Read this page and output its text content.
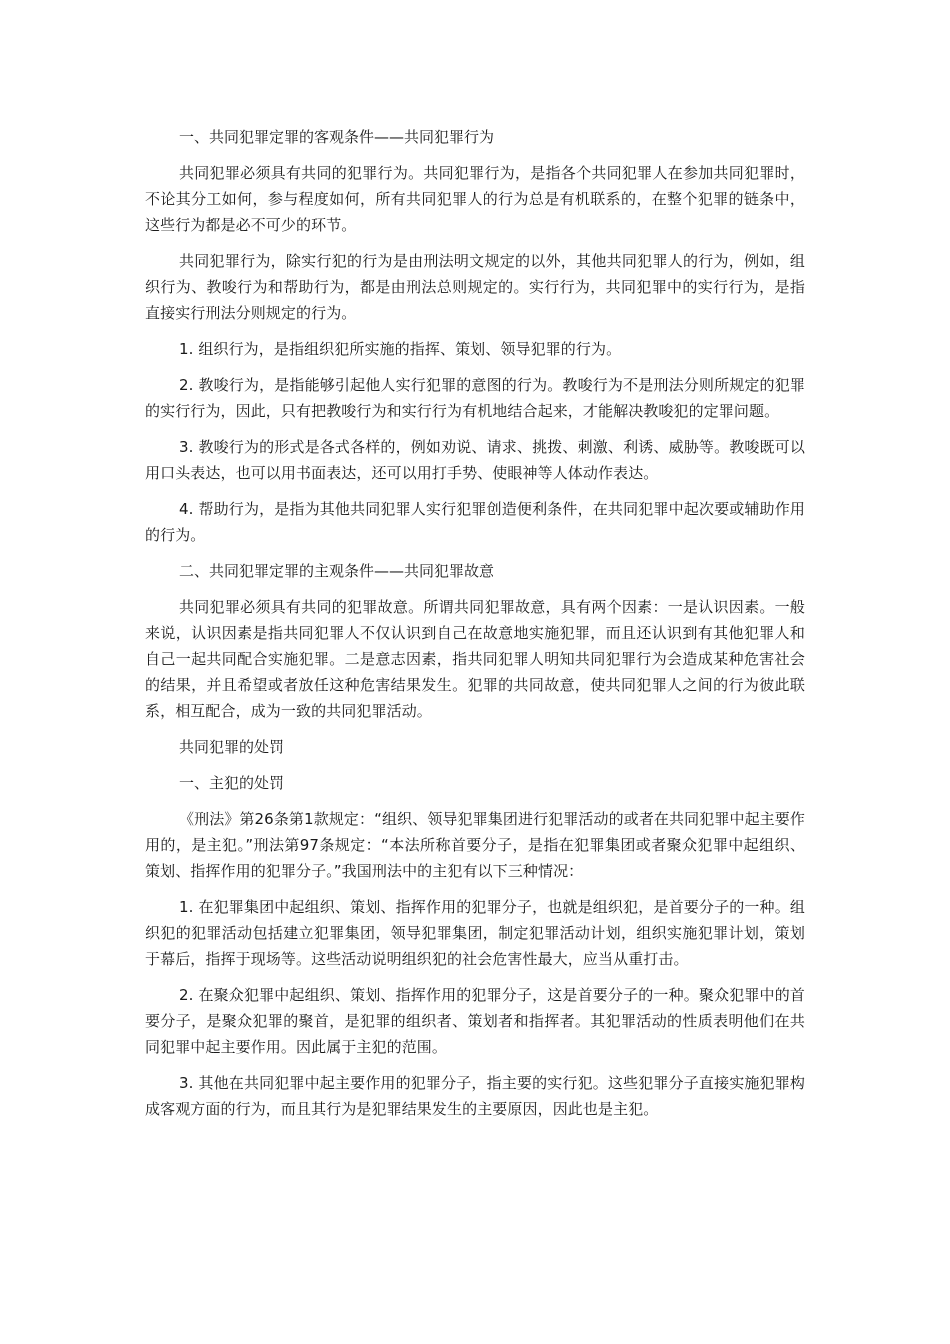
一、共同犯罪定罪的客观条件——共同犯罪行为

共同犯罪必须具有共同的犯罪行为。共同犯罪行为，是指各个共同犯罪人在参加共同犯罪时，不论其分工如何，参与程度如何，所有共同犯罪人的行为总是有机联系的，在整个犯罪的链条中，这些行为都是必不可少的环节。

共同犯罪行为，除实行犯的行为是由刑法明文规定的以外，其他共同犯罪人的行为，例如，组织行为、教唆行为和帮助行为，都是由刑法总则规定的。实行行为，共同犯罪中的实行行为，是指直接实行刑法分则规定的行为。

1. 组织行为，是指组织犯所实施的指挥、策划、领导犯罪的行为。

2. 教唆行为，是指能够引起他人实行犯罪的意图的行为。教唆行为不是刑法分则所规定的犯罪的实行行为，因此，只有把教唆行为和实行行为有机地结合起来，才能解决教唆犯的定罪问题。

3. 教唆行为的形式是各式各样的，例如劝说、请求、挑拨、刺激、利诱、威胁等。教唆既可以用口头表达，也可以用书面表达，还可以用打手势、使眼神等人体动作表达。

4. 帮助行为，是指为其他共同犯罪人实行犯罪创造便利条件，在共同犯罪中起次要或辅助作用的行为。

二、共同犯罪定罪的主观条件——共同犯罪故意

共同犯罪必须具有共同的犯罪故意。所谓共同犯罪故意，具有两个因素：一是认识因素。一般来说，认识因素是指共同犯罪人不仅认识到自己在故意地实施犯罪，而且还认识到有其他犯罪人和自己一起共同配合实施犯罪。二是意志因素，指共同犯罪人明知共同犯罪行为会造成某种危害社会的结果，并且希望或者放任这种危害结果发生。犯罪的共同故意，使共同犯罪人之间的行为彼此联系，相互配合，成为一致的共同犯罪活动。

共同犯罪的处罚

一、主犯的处罚

《刑法》第26条第1款规定：“组织、领导犯罪集团进行犯罪活动的或者在共同犯罪中起主要作用的，是主犯。”刑法第97条规定：“本法所称首要分子，是指在犯罪集团或者聚众犯罪中起组织、策划、指挥作用的犯罪分子。”我国刑法中的主犯有以下三种情况：

1. 在犯罪集团中起组织、策划、指挥作用的犯罪分子，也就是组织犯，是首要分子的一种。组织犯的犯罪活动包括建立犯罪集团，领导犯罪集团，制定犯罪活动计划，组织实施犯罪计划，策划于幕后，指挥于现场等。这些活动说明组织犯的社会危害性最大，应当从重打击。

2. 在聚众犯罪中起组织、策划、指挥作用的犯罪分子，这是首要分子的一种。聚众犯罪中的首要分子，是聚众犯罪的聚首，是犯罪的组织者、策划者和指挥者。其犯罪活动的性质表明他们在共同犯罪中起主要作用。因此属于主犯的范围。

3. 其他在共同犯罪中起主要作用的犯罪分子，指主要的实行犯。这些犯罪分子直接实施犯罪构成客观方面的行为，而且其行为是犯罪结果发生的主要原因，因此也是主犯。
